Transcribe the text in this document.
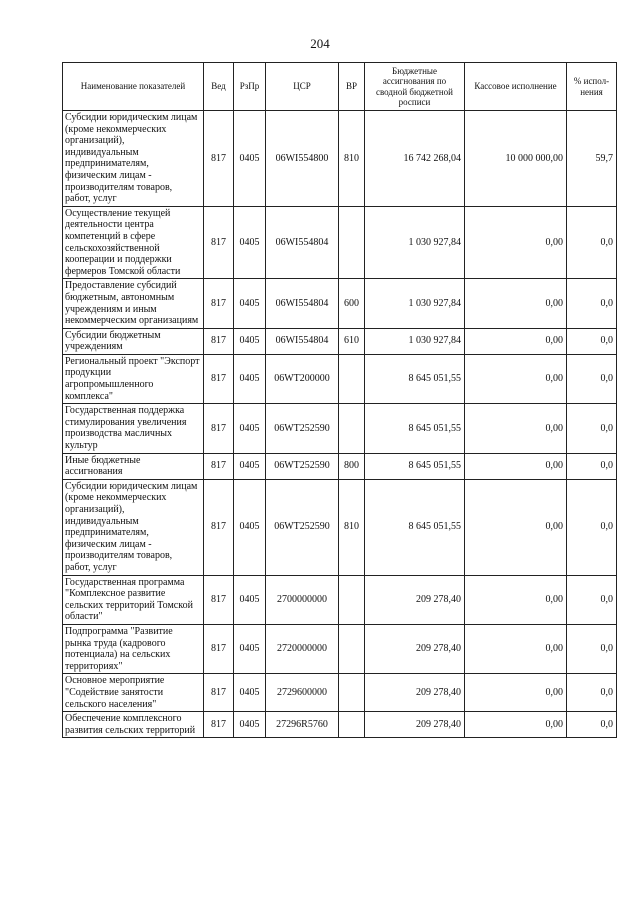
204
Наименование показателей	Вед	РзПр	ЦСР	ВР	Бюджетные ассигнования по сводной бюджетной росписи	Кассовое исполнение	% испол-нения
Субсидии юридическим лицам (кроме некоммерческих организаций), индивидуальным предпринимателям, физическим лицам - производителям товаров, работ, услуг	817	0405	06WI554800	810	16 742 268,04	10 000 000,00	59,7
Осуществление текущей деятельности центра компетенций в сфере сельскохозяйственной кооперации и поддержки фермеров Томской области	817	0405	06WI554804		1 030 927,84	0,00	0,0
Предоставление субсидий бюджетным, автономным учреждениям и иным некоммерческим организациям	817	0405	06WI554804	600	1 030 927,84	0,00	0,0
Субсидии бюджетным учреждениям	817	0405	06WI554804	610	1 030 927,84	0,00	0,0
Региональный проект "Экспорт продукции агропромышленного комплекса"	817	0405	06WT200000		8 645 051,55	0,00	0,0
Государственная поддержка стимулирования увеличения производства масличных культур	817	0405	06WT252590		8 645 051,55	0,00	0,0
Иные бюджетные ассигнования	817	0405	06WT252590	800	8 645 051,55	0,00	0,0
Субсидии юридическим лицам (кроме некоммерческих организаций), индивидуальным предпринимателям, физическим лицам - производителям товаров, работ, услуг	817	0405	06WT252590	810	8 645 051,55	0,00	0,0
Государственная программа "Комплексное развитие сельских территорий Томской области"	817	0405	2700000000		209 278,40	0,00	0,0
Подпрограмма "Развитие рынка труда (кадрового потенциала) на сельских территориях"	817	0405	2720000000		209 278,40	0,00	0,0
Основное мероприятие "Содействие занятости сельского населения"	817	0405	2729600000		209 278,40	0,00	0,0
Обеспечение комплексного развития сельских территорий	817	0405	27296R5760		209 278,40	0,00	0,0
